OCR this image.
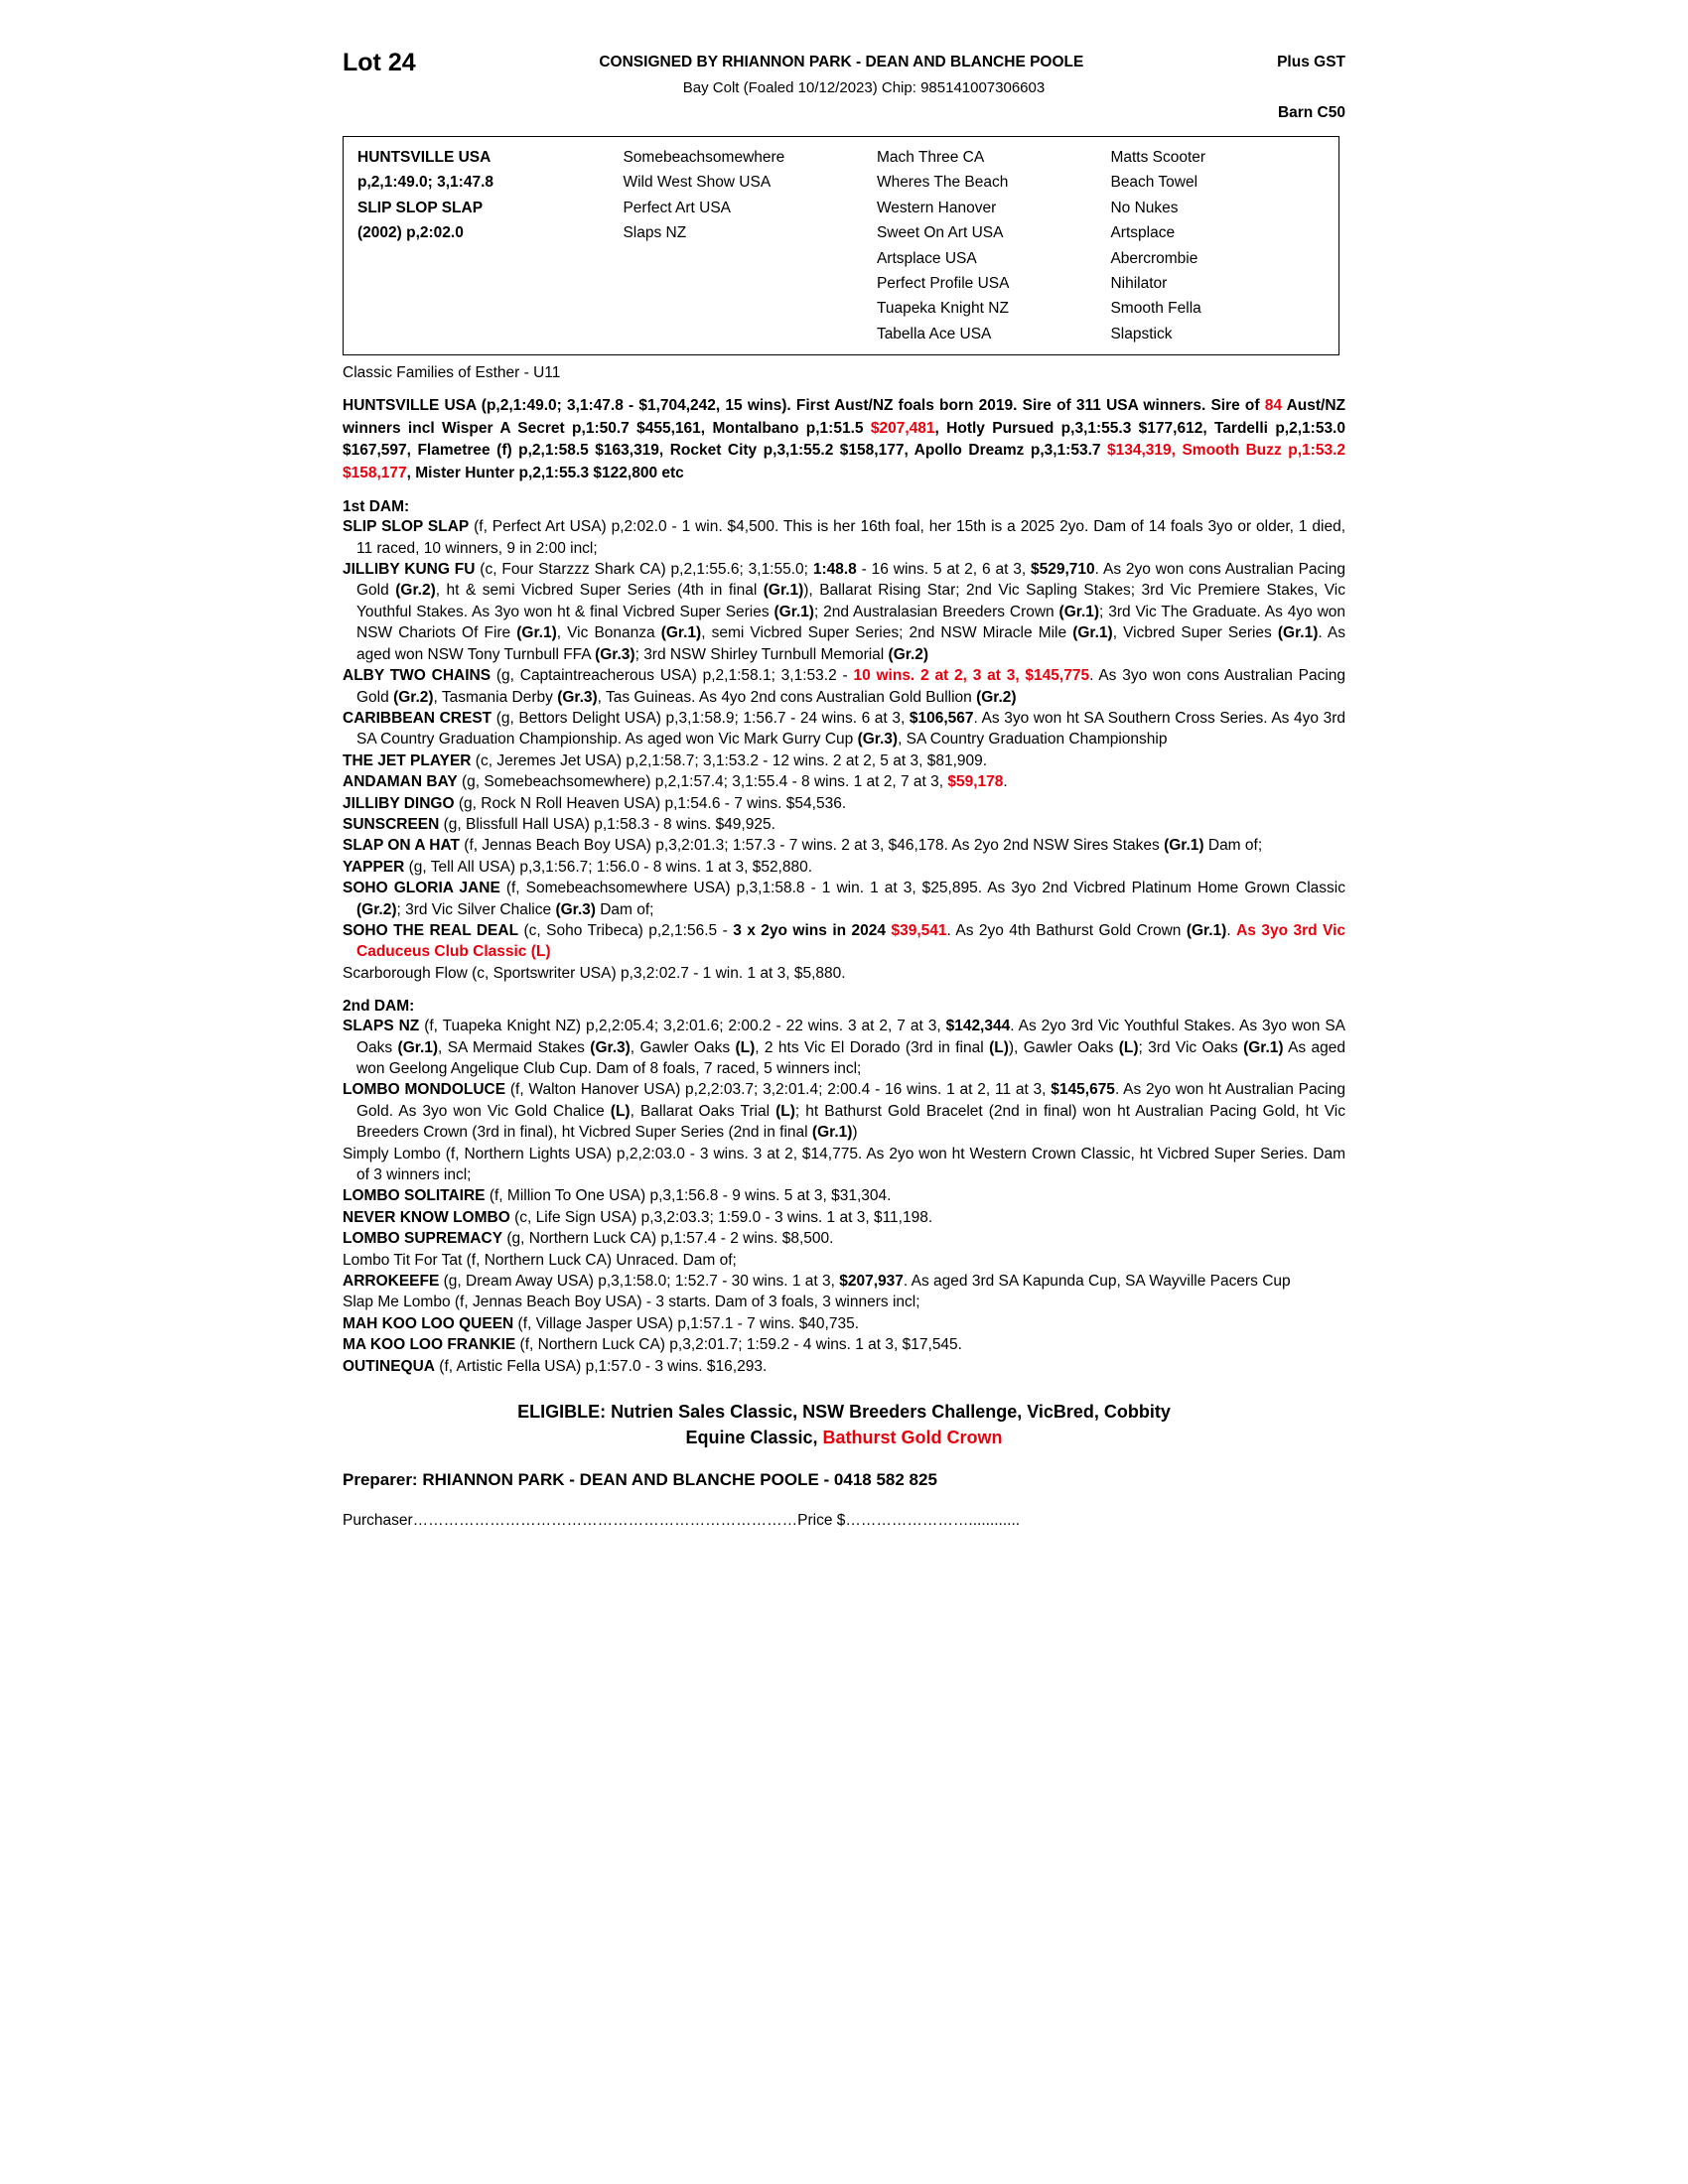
Lot 24	CONSIGNED BY RHIANNON PARK - DEAN AND BLANCHE POOLE	Plus GST
Bay Colt (Foaled 10/12/2023) Chip: 985141007306603
Barn C50
HUNTSVILLE USA
p,2,1:49.0; 3,1:47.8
SLIP SLOP SLAP
(2002) p,2:02.0
Somebeachsomewhere
Wild West Show USA
Perfect Art USA
Slaps NZ
Mach Three CA
Wheres The Beach
Western Hanover
Sweet On Art USA
Artsplace USA
Perfect Profile USA
Tuapeka Knight NZ
Tabella Ace USA
Matts Scooter
Beach Towel
No Nukes
Artsplace
Abercrombie
Nihilator
Smooth Fella
Slapstick
Classic Families of Esther - U11
HUNTSVILLE USA (p,2,1:49.0; 3,1:47.8 - $1,704,242, 15 wins). First Aust/NZ foals born 2019. Sire of 311 USA winners. Sire of 84 Aust/NZ winners incl Wisper A Secret p,1:50.7 $455,161, Montalbano p,1:51.5 $207,481, Hotly Pursued p,3,1:55.3 $177,612, Tardelli p,2,1:53.0 $167,597, Flametree (f) p,2,1:58.5 $163,319, Rocket City p,3,1:55.2 $158,177, Apollo Dreamz p,3,1:53.7 $134,319, Smooth Buzz p,1:53.2 $158,177, Mister Hunter p,2,1:55.3 $122,800 etc
1st DAM:

SLIP SLOP SLAP (f, Perfect Art USA) p,2:02.0 - 1 win. $4,500. This is her 16th foal, her 15th is a 2025 2yo. Dam of 14 foals 3yo or older, 1 died, 11 raced, 10 winners, 9 in 2:00 incl;

JILLIBY KUNG FU (c, Four Starzzz Shark CA) p,2,1:55.6; 3,1:55.0; 1:48.8 - 16 wins. 5 at 2, 6 at 3, $529,710. As 2yo won cons Australian Pacing Gold (Gr.2), ht & semi Vicbred Super Series (4th in final (Gr.1)), Ballarat Rising Star; 2nd Vic Sapling Stakes; 3rd Vic Premiere Stakes, Vic Youthful Stakes. As 3yo won ht & final Vicbred Super Series (Gr.1); 2nd Australasian Breeders Crown (Gr.1); 3rd Vic The Graduate. As 4yo won NSW Chariots Of Fire (Gr.1), Vic Bonanza (Gr.1), semi Vicbred Super Series; 2nd NSW Miracle Mile (Gr.1), Vicbred Super Series (Gr.1). As aged won NSW Tony Turnbull FFA (Gr.3); 3rd NSW Shirley Turnbull Memorial (Gr.2)

ALBY TWO CHAINS (g, Captaintreacherous USA) p,2,1:58.1; 3,1:53.2 - 10 wins. 2 at 2, 3 at 3, $145,775. As 3yo won cons Australian Pacing Gold (Gr.2), Tasmania Derby (Gr.3), Tas Guineas. As 4yo 2nd cons Australian Gold Bullion (Gr.2)

CARIBBEAN CREST (g, Bettors Delight USA) p,3,1:58.9; 1:56.7 - 24 wins. 6 at 3, $106,567. As 3yo won ht SA Southern Cross Series. As 4yo 3rd SA Country Graduation Championship. As aged won Vic Mark Gurry Cup (Gr.3), SA Country Graduation Championship

THE JET PLAYER (c, Jeremes Jet USA) p,2,1:58.7; 3,1:53.2 - 12 wins. 2 at 2, 5 at 3, $81,909.

ANDAMAN BAY (g, Somebeachsomewhere) p,2,1:57.4; 3,1:55.4 - 8 wins. 1 at 2, 7 at 3, $59,178.

JILLIBY DINGO (g, Rock N Roll Heaven USA) p,1:54.6 - 7 wins. $54,536.

SUNSCREEN (g, Blissfull Hall USA) p,1:58.3 - 8 wins. $49,925.

SLAP ON A HAT (f, Jennas Beach Boy USA) p,3,2:01.3; 1:57.3 - 7 wins. 2 at 3, $46,178. As 2yo 2nd NSW Sires Stakes (Gr.1) Dam of;

YAPPER (g, Tell All USA) p,3,1:56.7; 1:56.0 - 8 wins. 1 at 3, $52,880.

SOHO GLORIA JANE (f, Somebeachsomewhere USA) p,3,1:58.8 - 1 win. 1 at 3, $25,895. As 3yo 2nd Vicbred Platinum Home Grown Classic (Gr.2); 3rd Vic Silver Chalice (Gr.3) Dam of;

SOHO THE REAL DEAL (c, Soho Tribeca) p,2,1:56.5 - 3 x 2yo wins in 2024 $39,541. As 2yo 4th Bathurst Gold Crown (Gr.1). As 3yo 3rd Vic Caduceus Club Classic (L)

Scarborough Flow (c, Sportswriter USA) p,3,2:02.7 - 1 win. 1 at 3, $5,880.

2nd DAM:

SLAPS NZ (f, Tuapeka Knight NZ) p,2,2:05.4; 3,2:01.6; 2:00.2 - 22 wins. 3 at 2, 7 at 3, $142,344. As 2yo 3rd Vic Youthful Stakes. As 3yo won SA Oaks (Gr.1), SA Mermaid Stakes (Gr.3), Gawler Oaks (L), 2 hts Vic El Dorado (3rd in final (L)), Gawler Oaks (L); 3rd Vic Oaks (Gr.1) As aged won Geelong Angelique Club Cup. Dam of 8 foals, 7 raced, 5 winners incl;

LOMBO MONDOLUCE (f, Walton Hanover USA) p,2,2:03.7; 3,2:01.4; 2:00.4 - 16 wins. 1 at 2, 11 at 3, $145,675. As 2yo won ht Australian Pacing Gold. As 3yo won Vic Gold Chalice (L), Ballarat Oaks Trial (L); ht Bathurst Gold Bracelet (2nd in final) won ht Australian Pacing Gold, ht Vic Breeders Crown (3rd in final), ht Vicbred Super Series (2nd in final (Gr.1))

Simply Lombo (f, Northern Lights USA) p,2,2:03.0 - 3 wins. 3 at 2, $14,775. As 2yo won ht Western Crown Classic, ht Vicbred Super Series. Dam of 3 winners incl;

LOMBO SOLITAIRE (f, Million To One USA) p,3,1:56.8 - 9 wins. 5 at 3, $31,304.

NEVER KNOW LOMBO (c, Life Sign USA) p,3,2:03.3; 1:59.0 - 3 wins. 1 at 3, $11,198.

LOMBO SUPREMACY (g, Northern Luck CA) p,1:57.4 - 2 wins. $8,500.

Lombo Tit For Tat (f, Northern Luck CA) Unraced. Dam of;

ARROKEEFE (g, Dream Away USA) p,3,1:58.0; 1:52.7 - 30 wins. 1 at 3, $207,937. As aged 3rd SA Kapunda Cup, SA Wayville Pacers Cup

Slap Me Lombo (f, Jennas Beach Boy USA) - 3 starts. Dam of 3 foals, 3 winners incl;

MAH KOO LOO QUEEN (f, Village Jasper USA) p,1:57.1 - 7 wins. $40,735.

MA KOO LOO FRANKIE (f, Northern Luck CA) p,3,2:01.7; 1:59.2 - 4 wins. 1 at 3, $17,545.

OUTINEQUA (f, Artistic Fella USA) p,1:57.0 - 3 wins. $16,293.

ELIGIBLE: Nutrien Sales Classic, NSW Breeders Challenge, VicBred, Cobbity
Equine Classic, Bathurst Gold Crown
Preparer: RHIANNON PARK - DEAN AND BLANCHE POOLE - 0418 582 825
Purchaser…………………………………………………………………Price $……………………............
